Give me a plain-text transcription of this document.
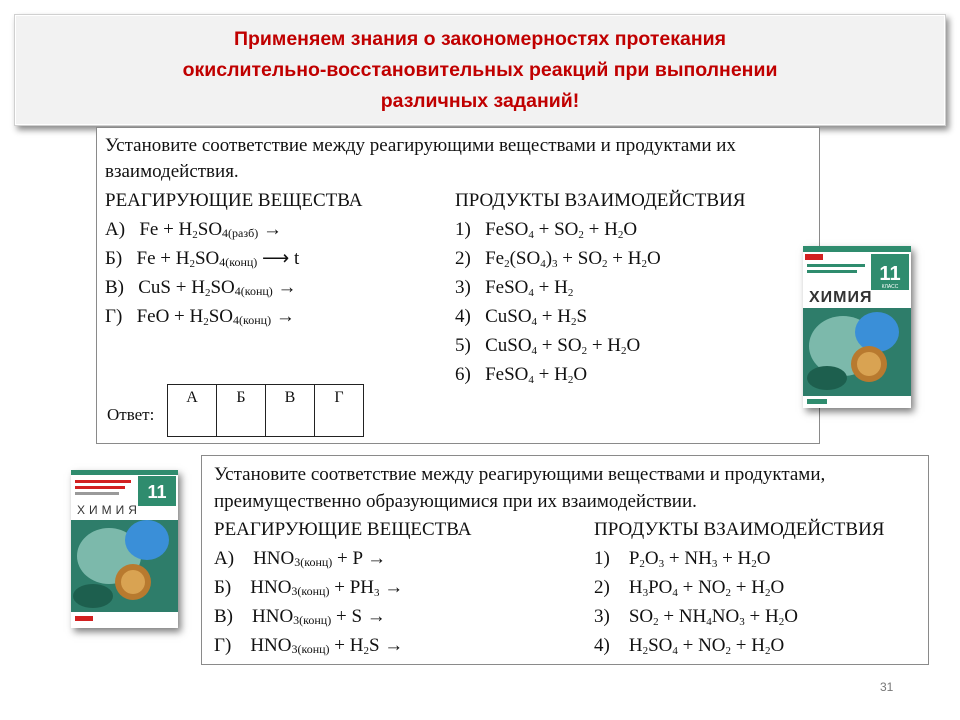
Применяем знания о закономерностях протекания
окислительно-восстановительных реакций при выполнении
различных заданий!
Установите соответствие между реагирующими веществами и продуктами их
взаимодействия.
РЕАГИРУЮЩИЕ ВЕЩЕСТВА	ПРОДУКТЫ ВЗАИМОДЕЙСТВИЯ
А) $Fe + H_2SO4(разб)$ →
Б) $Fe + H_2SO4(конц)$ ⟶ t
В) CuS + $H_2SO4(конц)$ →
Г) FeO + $H_2SO4(конц)$ →
1) FeSO$_4$ + $SO_2 + H_2O$
2) $Fe_2(SO_4)_3 + SO_2 + H_2O$
3) FeSO$_4$ + $H_2$
4) CuSO$_4$ + $H_2S$
5) CuSO$_4$ + $SO_2 + H_2O$
6) FeSO$_4$ + $H_2O$
Ответ:
А	Б	В	Г
Установите соответствие между реагирующими веществами и продуктами,
преимущественно образующимися при их взаимодействии.
РЕАГИРУЮЩИЕ ВЕЩЕСТВА	ПРОДУКТЫ ВЗАИМОДЕЙСТВИЯ
А) HNO3(конц) + P →
Б) HNO3(конц) + $PH_3$ →
В) HNO3(конц) + S →
Г) HNO3(конц) + $H_2S$ →
1) $P_2O_3 + NH_3 + H_2O$
2) $H_3PO_4 + NO_2 + H_2O$
3) $SO_2 + NH_4NO_3 + H_2O$
4) $H_2SO_4 + NO_2 + H_2O$
11
КЛАСС
ХИМИЯ
11
ХИМИЯ
31
